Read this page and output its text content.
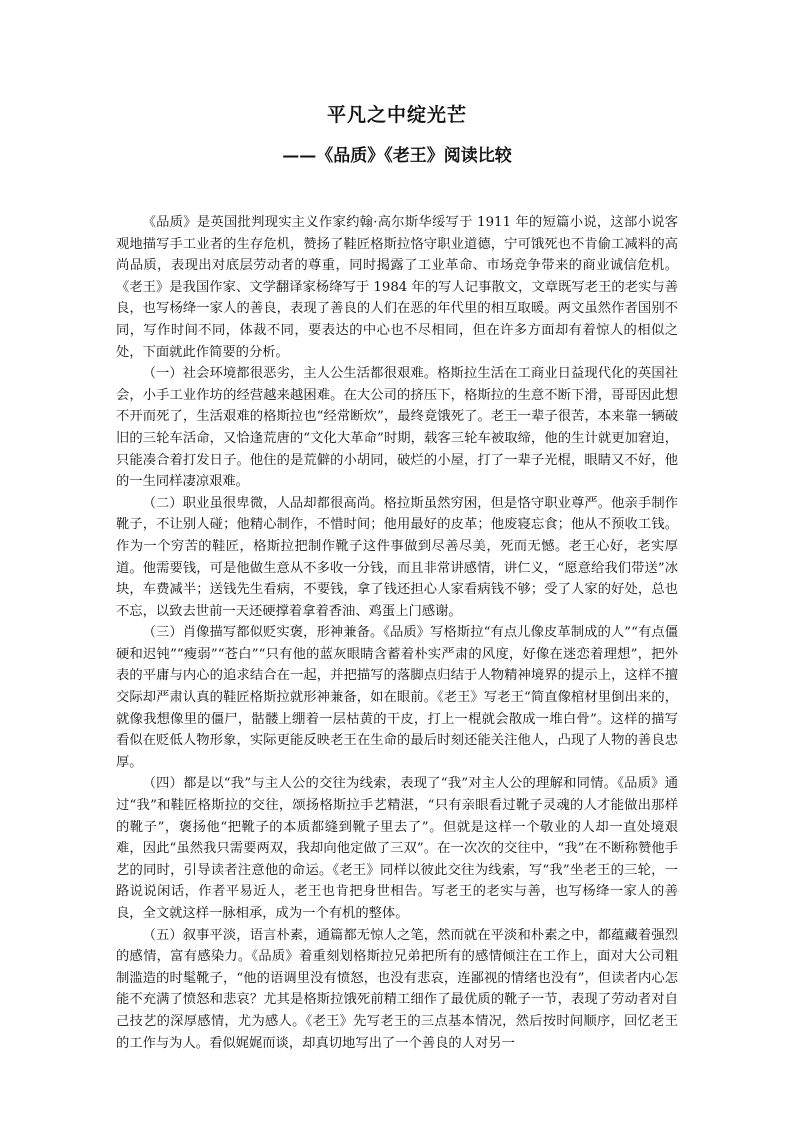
平凡之中绽光芒
——《品质》《老王》阅读比较

《品质》是英国批判现实主义作家约翰·高尔斯华绥写于 1911 年的短篇小说，这部小说客观地描写手工业者的生存危机，赞扬了鞋匠格斯拉恪守职业道德，宁可饿死也不肯偷工减料的高尚品质，表现出对底层劳动者的尊重，同时揭露了工业革命、市场竞争带来的商业诚信危机。《老王》是我国作家、文学翻译家杨绛写于 1984 年的写人记事散文，文章既写老王的老实与善良，也写杨绛一家人的善良，表现了善良的人们在恶的年代里的相互取暖。两文虽然作者国别不同，写作时间不同，体裁不同，要表达的中心也不尽相同，但在许多方面却有着惊人的相似之处，下面就此作简要的分析。

（一）社会环境都很恶劣，主人公生活都很艰难。格斯拉生活在工商业日益现代化的英国社会，小手工业作坊的经营越来越困难。在大公司的挤压下，格斯拉的生意不断下滑，哥哥因此想不开而死了，生活艰难的格斯拉也“经常断炊”，最终竟饿死了。老王一辈子很苦，本来靠一辆破旧的三轮车活命，又恰逢荒唐的“文化大革命”时期，载客三轮车被取缔，他的生计就更加窘迫，只能凑合着打发日子。他住的是荒僻的小胡同，破烂的小屋，打了一辈子光棍，眼睛又不好，他的一生同样凄凉艰难。

（二）职业虽很卑微，人品却都很高尚。格拉斯虽然穷困，但是恪守职业尊严。他亲手制作靴子，不让别人碰；他精心制作，不惜时间；他用最好的皮革；他废寝忘食；他从不预收工钱。作为一个穷苦的鞋匠，格斯拉把制作靴子这件事做到尽善尽美，死而无憾。老王心好，老实厚道。他需要钱，可是他做生意从不多收一分钱，而且非常讲感情，讲仁义，“愿意给我们带送”冰块，车费减半；送钱先生看病，不要钱，拿了钱还担心人家看病钱不够；受了人家的好处，总也不忘，以致去世前一天还硬撑着拿着香油、鸡蛋上门感谢。

（三）肖像描写都似贬实褒，形神兼备。《品质》写格斯拉“有点儿像皮革制成的人”“有点僵硬和迟钝”“瘦弱”“苍白”“只有他的蓝灰眼睛含蓄着朴实严肃的风度，好像在迷恋着理想”，把外表的平庸与内心的追求结合在一起，并把描写的落脚点归结于人物精神境界的提示上，这样不擅交际却严肃认真的鞋匠格斯拉就形神兼备，如在眼前。《老王》写老王“简直像棺材里倒出来的，就像我想像里的僵尸，骷髅上绷着一层枯黄的干皮，打上一棍就会散成一堆白骨”。这样的描写看似在贬低人物形象，实际更能反映老王在生命的最后时刻还能关注他人，凸现了人物的善良忠厚。

（四）都是以“我”与主人公的交往为线索，表现了“我”对主人公的理解和同情。《品质》通过“我”和鞋匠格斯拉的交往，颂扬格斯拉手艺精湛，“只有亲眼看过靴子灵魂的人才能做出那样的靴子”，褒扬他“把靴子的本质都缝到靴子里去了”。但就是这样一个敬业的人却一直处境艰难，因此“虽然我只需要两双，我却向他定做了三双”。在一次次的交往中，“我”在不断称赞他手艺的同时，引导读者注意他的命运。《老王》同样以彼此交往为线索，写“我”坐老王的三轮，一路说说闲话，作者平易近人，老王也肯把身世相告。写老王的老实与善，也写杨绛一家人的善良，全文就这样一脉相承，成为一个有机的整体。

（五）叙事平淡，语言朴素，通篇都无惊人之笔，然而就在平淡和朴素之中，都蕴藏着强烈的感情，富有感染力。《品质》着重刻划格斯拉兄弟把所有的感情倾注在工作上，面对大公司粗制滥造的时髦靴子，“他的语调里没有愤怒，也没有悲哀，连鄙视的情绪也没有”，但读者内心怎能不充满了愤怒和悲哀？尤其是格斯拉饿死前精工细作了最优质的靴子一节，表现了劳动者对自己技艺的深厚感情，尤为感人。《老王》先写老王的三点基本情况，然后按时间顺序，回忆老王的工作与为人。看似娓娓而谈，却真切地写出了一个善良的人对另一
